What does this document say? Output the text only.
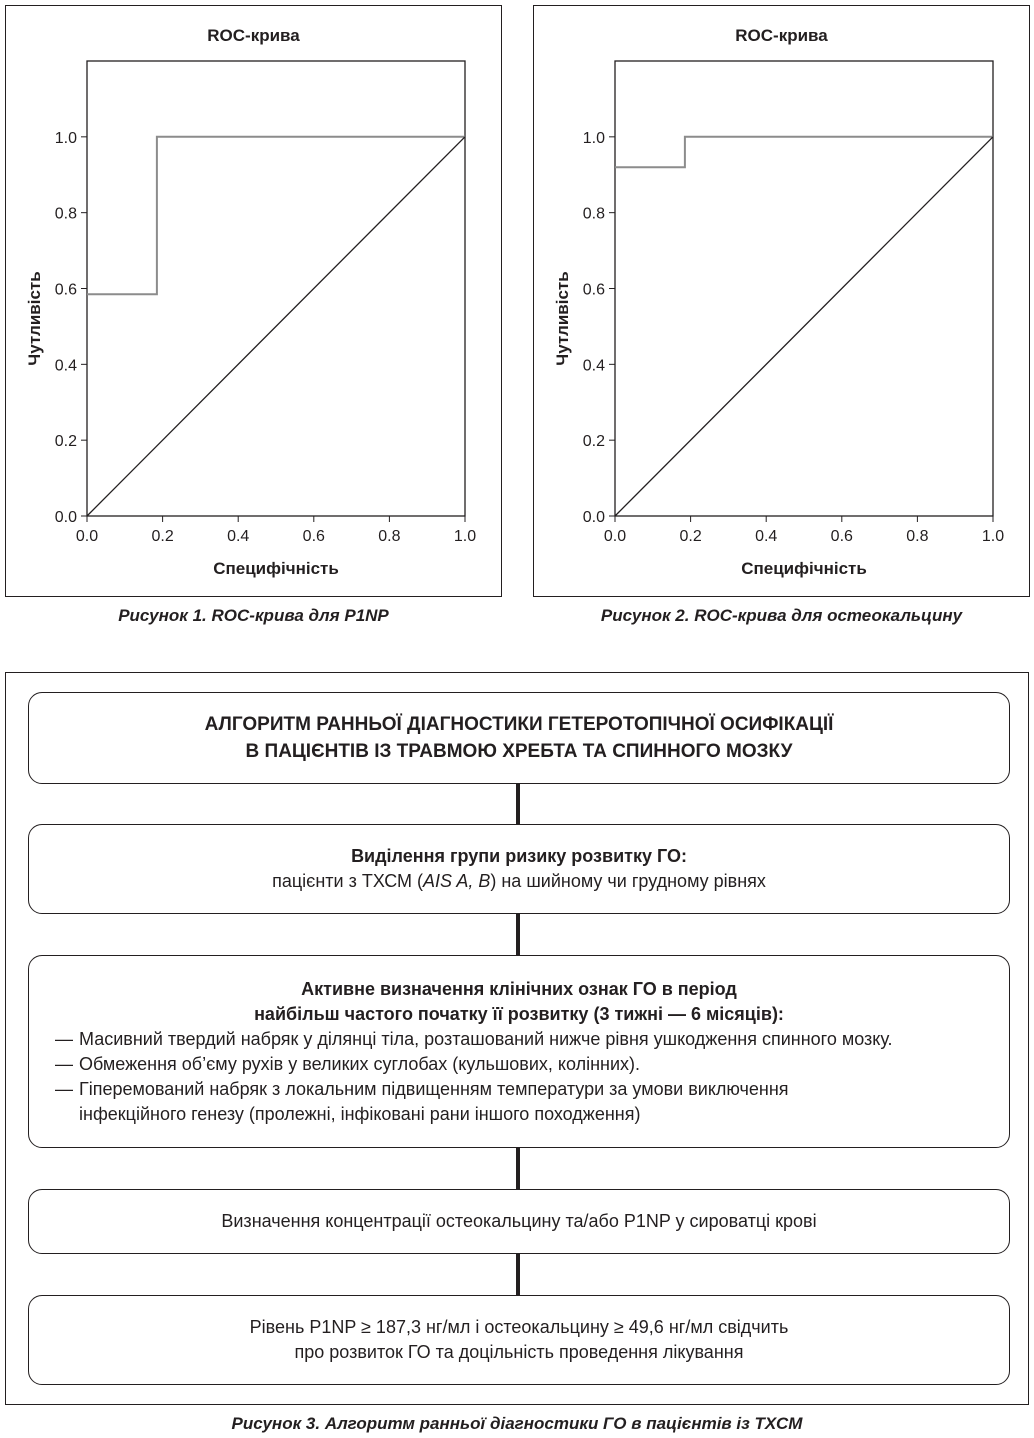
ROC-крива
0.0
0.2
0.4
0.6
0.8
1.0
0.0	0.2	0.4	0.6	0.8	1.0
Специфічність
Чутливість
ROC-крива
0.0
0.2
0.4
0.6
0.8
1.0
0.0	0.2	0.4	0.6	0.8	1.0
Специфічність
Чутливість
Рисунок 1. ROC-крива для P1NP	Рисунок 2. ROC-крива для остеокальцину
АЛГОРИТМ РАННЬОЇ ДІАГНОСТИКИ ГЕТЕРОТОПІЧНОЇ ОСИФІКАЦІЇ
В ПАЦІЄНТІВ ІЗ ТРАВМОЮ ХРЕБТА ТА СПИННОГО МОЗКУ
Виділення групи ризику розвитку ГО:
пацієнти з ТХСМ (AIS A, B) на шийному чи грудному рівнях
Активне визначення клінічних ознак ГО в період
найбільш частого початку її розвитку (3 тижні — 6 місяців):
— Масивний твердий набряк у ділянці тіла, розташований нижче рівня ушкодження спинного мозку.
— Обмеження об’єму рухів у великих суглобах (кульшових, колінних).
— Гіперемований набряк з локальним підвищенням температури за умови виключення інфекційного генезу (пролежні, інфіковані рани іншого походження)
Визначення концентрації остеокальцину та/або P1NP у сироватці крові
Рівень P1NP ≥ 187,3 нг/мл і остеокальцину ≥ 49,6 нг/мл свідчить
про розвиток ГО та доцільність проведення лікування
Рисунок 3. Алгоритм ранньої діагностики ГО в пацієнтів із ТХСМ
